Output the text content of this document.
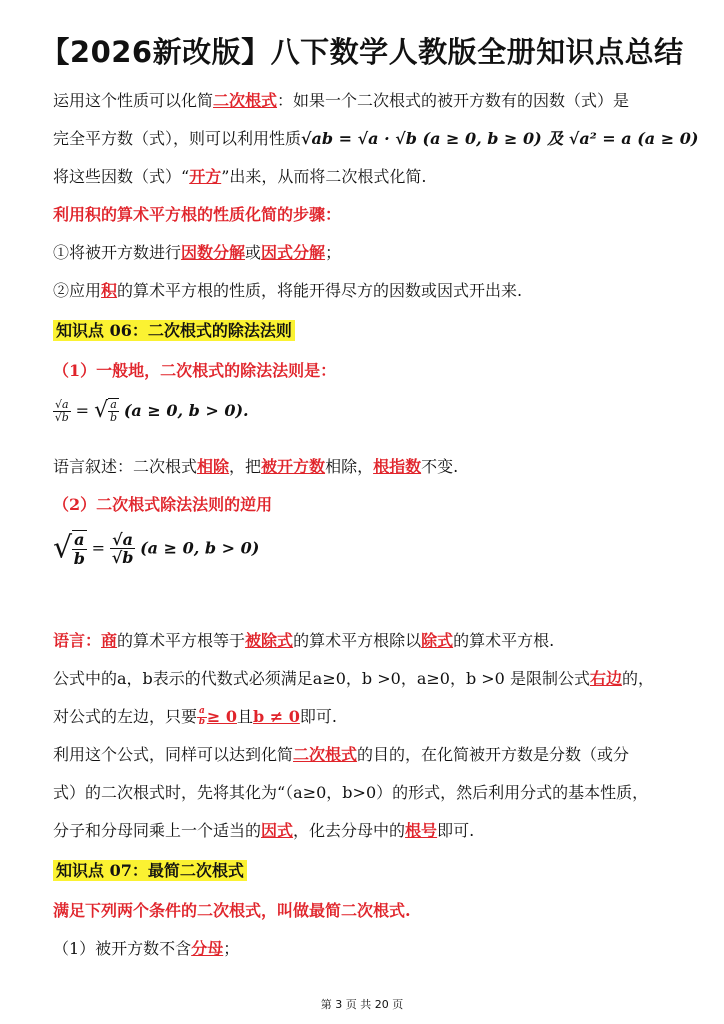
【2026新改版】八下数学人教版全册知识点总结
运用这个性质可以化简二次根式：如果一个二次根式的被开方数有的因数（式）是
完全平方数（式），则可以利用性质√ab = √a · √b (a ≥ 0, b ≥ 0) 及 √a² = a (a ≥ 0)
将这些因数（式）“开方”出来，从而将二次根式化简.
利用积的算术平方根的性质化简的步骤：
①将被开方数进行因数分解或因式分解；
②应用积的算术平方根的性质，将能开得尽方的因数或因式开出来.
知识点 06：二次根式的除法法则
（1）一般地，二次根式的除法法则是：
$\frac{√a}{√b}$ = √ $\frac{a}{b} (a \ge 0$, b > 0).
语言叙述：二次根式相除，把被开方数相除，根指数不变.
（2）二次根式除法法则的逆用
√ $\frac{a}{b} = \frac{√a}{√b} (a \ge 0$, b > 0)
语言：商的算术平方根等于被除式的算术平方根除以除式的算术平方根.
公式中的a，b表示的代数式必须满足a≥0，b >0，a≥0，b >0 是限制公式右边的，
对公式的左边，只要 $\frac{a}{b} \ge 0$且b ≠ 0即可.
利用这个公式，同样可以达到化简二次根式的目的，在化简被开方数是分数（或分
式）的二次根式时，先将其化为“（a≥0，b>0）的形式，然后利用分式的基本性质，
分子和分母同乘上一个适当的因式，化去分母中的根号即可.
知识点 07：最简二次根式
满足下列两个条件的二次根式，叫做最简二次根式.
（1）被开方数不含分母；
第 3 页 共 20 页
